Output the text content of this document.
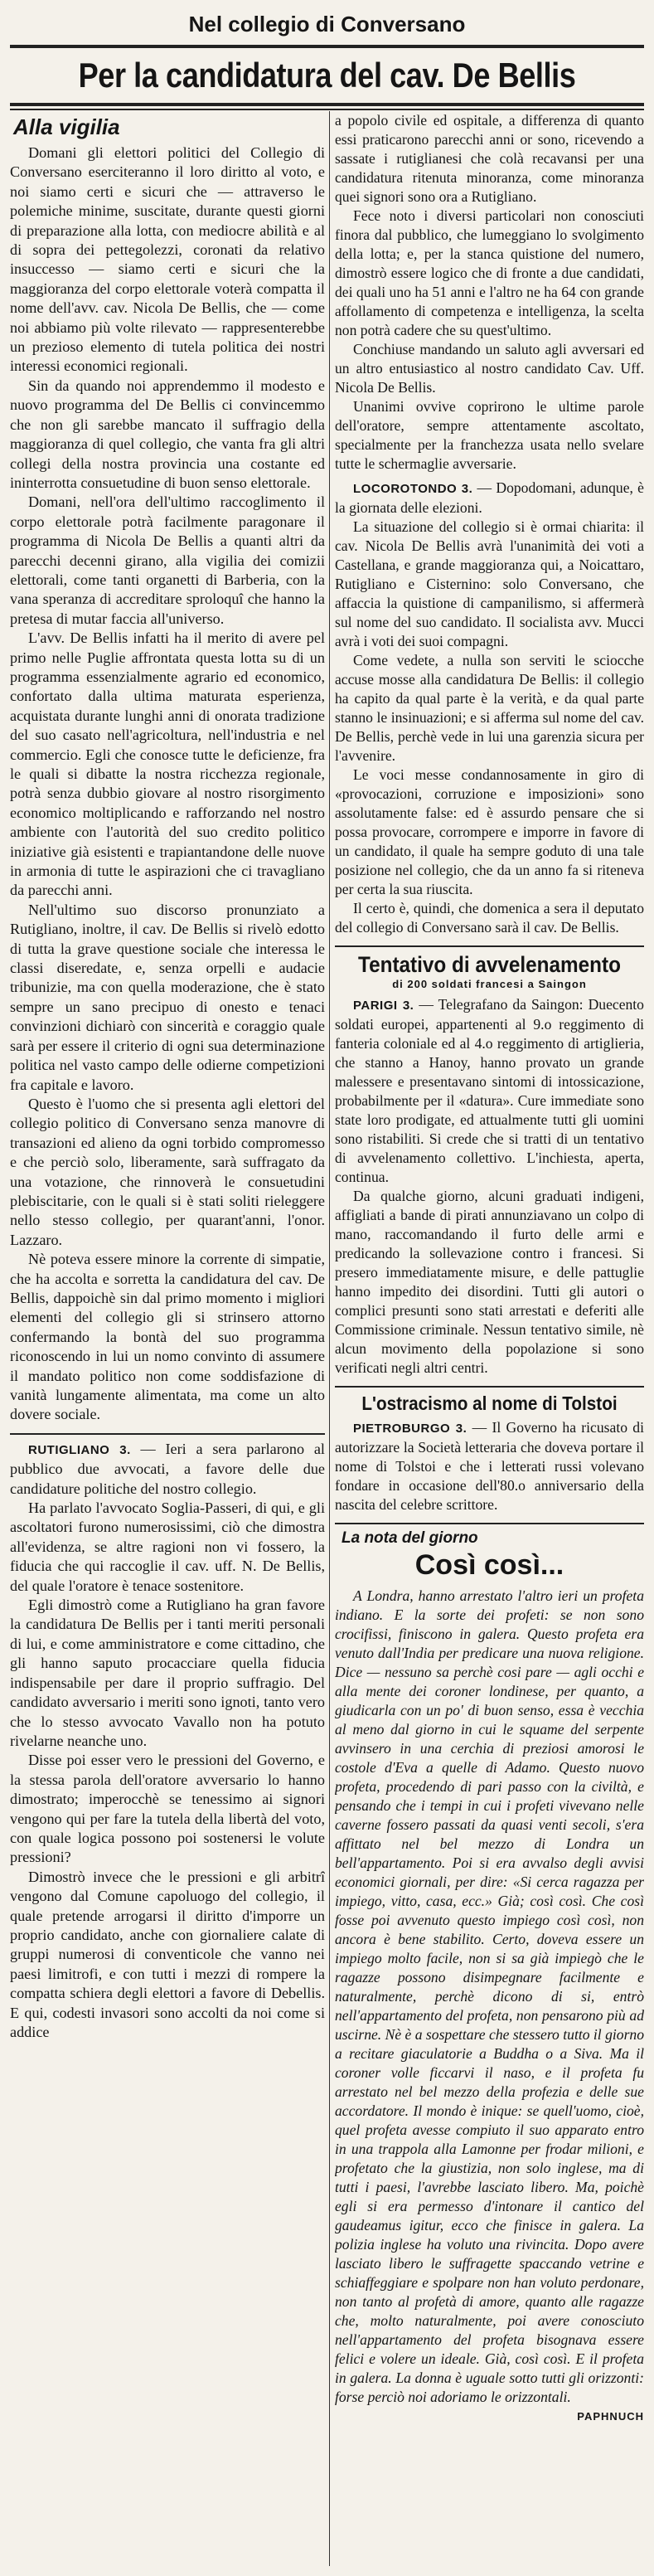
Nel collegio di Conversano
Per la candidatura del cav. De Bellis
Alla vigilia

Domani gli elettori politici del Collegio di Conversano eserciteranno il loro diritto al voto, e noi siamo certi e sicuri che — attraverso le polemiche minime, suscitate, durante questi giorni di preparazione alla lotta, con mediocre abilità e al di sopra dei pettegolezzi, coronati da relativo insuccesso — siamo certi e sicuri che la maggioranza del corpo elettorale voterà compatta il nome dell'avv. cav. Nicola De Bellis, che — come noi abbiamo più volte rilevato — rappresenterebbe un prezioso elemento di tutela politica dei nostri interessi economici regionali.

Sin da quando noi apprendemmo il modesto e nuovo programma del De Bellis ci convincemmo che non gli sarebbe mancato il suffragio della maggioranza di quel collegio, che vanta fra gli altri collegi della nostra provincia una costante ed ininterrotta consuetudine di buon senso elettorale.

Domani, nell'ora dell'ultimo raccoglimento il corpo elettorale potrà facilmente paragonare il programma di Nicola De Bellis a quanti altri da parecchi decenni girano, alla vigilia dei comizii elettorali, come tanti organetti di Barberia, con la vana speranza di accreditare sproloquî che hanno la pretesa di mutar faccia all'universo.

L'avv. De Bellis infatti ha il merito di avere pel primo nelle Puglie affrontata questa lotta su di un programma essenzialmente agrario ed economico, confortato dalla ultima maturata esperienza, acquistata durante lunghi anni di onorata tradizione del suo casato nell'agricoltura, nell'industria e nel commercio. Egli che conosce tutte le deficienze, fra le quali si dibatte la nostra ricchezza regionale, potrà senza dubbio giovare al nostro risorgimento economico moltiplicando e rafforzando nel nostro ambiente con l'autorità del suo credito politico iniziative già esistenti e trapiantandone delle nuove in armonia di tutte le aspirazioni che ci travagliano da parecchi anni.

Nell'ultimo suo discorso pronunziato a Rutigliano, inoltre, il cav. De Bellis si rivelò edotto di tutta la grave questione sociale che interessa le classi diseredate, e, senza orpelli e audacie tribunizie, ma con quella moderazione, che è stato sempre un sano precipuo di onesto e tenaci convinzioni dichiarò con sincerità e coraggio quale sarà per essere il criterio di ogni sua determinazione politica nel vasto campo delle odierne competizioni fra capitale e lavoro.

Questo è l'uomo che si presenta agli elettori del collegio politico di Conversano senza manovre di transazioni ed alieno da ogni torbido compromesso e che perciò solo, liberamente, sarà suffragato da una votazione, che rinnoverà le consuetudini plebiscitarie, con le quali si è stati soliti rieleggere nello stesso collegio, per quarant'anni, l'onor. Lazzaro.

Nè poteva essere minore la corrente di simpatie, che ha accolta e sorretta la candidatura del cav. De Bellis, dappoichè sin dal primo momento i migliori elementi del collegio gli si strinsero attorno confermando la bontà del suo programma riconoscendo in lui un nomo convinto di assumere il mandato politico non come soddisfazione di vanità lungamente alimentata, ma come un alto dovere sociale.

RUTIGLIANO 3. — Ieri a sera parlarono al pubblico due avvocati, a favore delle due candidature politiche del nostro collegio.

Ha parlato l'avvocato Soglia-Passeri, di qui, e gli ascoltatori furono numerosissimi, ciò che dimostra all'evidenza, se altre ragioni non vi fossero, la fiducia che qui raccoglie il cav. uff. N. De Bellis, del quale l'oratore è tenace sostenitore.

Egli dimostrò come a Rutigliano ha gran favore la candidatura De Bellis per i tanti meriti personali di lui, e come amministratore e come cittadino, che gli hanno saputo procacciare quella fiducia indispensabile per dare il proprio suffragio. Del candidato avversario i meriti sono ignoti, tanto vero che lo stesso avvocato Vavallo non ha potuto rivelarne neanche uno.

Disse poi esser vero le pressioni del Governo, e la stessa parola dell'oratore avversario lo hanno dimostrato; imperocchè se tenessimo ai signori vengono qui per fare la tutela della libertà del voto, con quale logica possono poi sostenersi le volute pressioni?

Dimostrò invece che le pressioni e gli arbitrî vengono dal Comune capoluogo del collegio, il quale pretende arrogarsi il diritto d'imporre un proprio candidato, anche con giornaliere calate di gruppi numerosi di conventicole che vanno nei paesi limitrofi, e con tutti i mezzi di rompere la compatta schiera degli elettori a favore di Debellis. E qui, codesti invasori sono accolti da noi come si addice

a popolo civile ed ospitale, a differenza di quanto essi praticarono parecchi anni or sono, ricevendo a sassate i rutiglianesi che colà recavansi per una candidatura ritenuta minoranza, come minoranza quei signori sono ora a Rutigliano.

Fece noto i diversi particolari non conosciuti finora dal pubblico, che lumeggiano lo svolgimento della lotta; e, per la stanca quistione del numero, dimostrò essere logico che di fronte a due candidati, dei quali uno ha 51 anni e l'altro ne ha 64 con grande affollamento di competenza e intelligenza, la scelta non potrà cadere che su quest'ultimo.

Conchiuse mandando un saluto agli avversari ed un altro entusiastico al nostro candidato Cav. Uff. Nicola De Bellis.

Unanimi ovvive coprirono le ultime parole dell'oratore, sempre attentamente ascoltato, specialmente per la franchezza usata nello svelare tutte le schermaglie avversarie.

LOCOROTONDO 3. — Dopodomani, adunque, è la giornata delle elezioni.

La situazione del collegio si è ormai chiarita: il cav. Nicola De Bellis avrà l'unanimità dei voti a Castellana, e grande maggioranza qui, a Noicattaro, Rutigliano e Cisternino: solo Conversano, che affaccia la quistione di campanilismo, si affermerà sul nome del suo candidato. Il socialista avv. Mucci avrà i voti dei suoi compagni.

Come vedete, a nulla son serviti le sciocche accuse mosse alla candidatura De Bellis: il collegio ha capito da qual parte è la verità, e da qual parte stanno le insinuazioni; e si afferma sul nome del cav. De Bellis, perchè vede in lui una garenzia sicura per l'avvenire.

Le voci messe condannosamente in giro di «provocazioni, corruzione e imposizioni» sono assolutamente false: ed è assurdo pensare che si possa provocare, corrompere e imporre in favore di un candidato, il quale ha sempre goduto di una tale posizione nel collegio, che da un anno fa si riteneva per certa la sua riuscita.

Il certo è, quindi, che domenica a sera il deputato del collegio di Conversano sarà il cav. De Bellis.

Tentativo di avvelenamento
di 200 soldati francesi a Saingon

PARIGI 3. — Telegrafano da Saingon: Duecento soldati europei, appartenenti al 9.o reggimento di fanteria coloniale ed al 4.o reggimento di artiglieria, che stanno a Hanoy, hanno provato un grande malessere e presentavano sintomi di intossicazione, probabilmente per il «datura». Cure immediate sono state loro prodigate, ed attualmente tutti gli uomini sono ristabiliti. Si crede che si tratti di un tentativo di avvelenamento collettivo. L'inchiesta, aperta, continua.

Da qualche giorno, alcuni graduati indigeni, affigliati a bande di pirati annunziavano un colpo di mano, raccomandando il furto delle armi e predicando la sollevazione contro i francesi. Si presero immediatamente misure, e delle pattuglie hanno impedito dei disordini. Tutti gli autori o complici presunti sono stati arrestati e deferiti alle Commissione criminale. Nessun tentativo simile, nè alcun movimento della popolazione si sono verificati negli altri centri.

L'ostracismo al nome di Tolstoi

PIETROBURGO 3. — Il Governo ha ricusato di autorizzare la Società letteraria che doveva portare il nome di Tolstoi e che i letterati russi volevano fondare in occasione dell'80.o anniversario della nascita del celebre scrittore.

La nota del giorno
Così così...

A Londra, hanno arrestato l'altro ieri un profeta indiano. E la sorte dei profeti: se non sono crocifissi, finiscono in galera. Questo profeta era venuto dall'India per predicare una nuova religione. Dice — nessuno sa perchè cosi pare — agli occhi e alla mente dei coroner londinese, per quanto, a giudicarla con un po' di buon senso, essa è vecchia al meno dal giorno in cui le squame del serpente avvinsero in una cerchia di preziosi amorosi le costole d'Eva a quelle di Adamo. Questo nuovo profeta, procedendo di pari passo con la civiltà, e pensando che i tempi in cui i profeti vivevano nelle caverne fossero passati da quasi venti secoli, s'era affittato nel bel mezzo di Londra un bell'appartamento. Poi si era avvalso degli avvisi economici giornali, per dire: «Si cerca ragazza per impiego, vitto, casa, ecc.» Già; così così. Che così fosse poi avvenuto questo impiego così così, non ancora è bene stabilito. Certo, doveva essere un impiego molto facile, non si sa già impiegò che le ragazze possono disimpegnare facilmente e naturalmente, perchè dicono di si, entrò nell'appartamento del profeta, non pensarono più ad uscirne. Nè è a sospettare che stessero tutto il giorno a recitare giaculatorie a Buddha o a Siva. Ma il coroner volle ficcarvi il naso, e il profeta fu arrestato nel bel mezzo della profezia e delle sue accordatore. Il mondo è inique: se quell'uomo, cioè, quel profeta avesse compiuto il suo apparato entro in una trappola alla Lamonne per frodar milioni, e profetato che la giustizia, non solo inglese, ma di tutti i paesi, l'avrebbe lasciato libero. Ma, poichè egli si era permesso d'intonare il cantico del gaudeamus igitur, ecco che finisce in galera. La polizia inglese ha voluto una rivincita. Dopo avere lasciato libero le suffragette spaccando vetrine e schiaffeggiare e spolpare non han voluto perdonare, non tanto al profetà di amore, quanto alle ragazze che, molto naturalmente, poi avere conosciuto nell'appartamento del profeta bisognava essere felici e volere un ideale. Già, così così. E il profeta in galera. La donna è uguale sotto tutti gli orizzonti: forse perciò noi adoriamo le orizzontali.

PAPHNUCH
